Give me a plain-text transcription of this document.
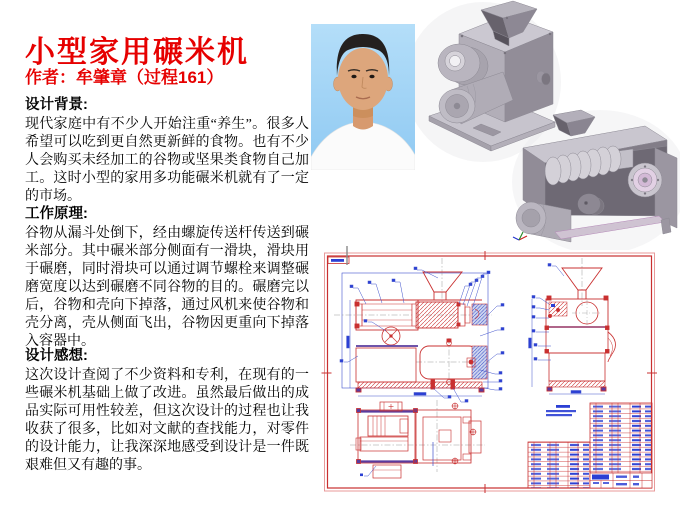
小型家用碾米机
作者：牟肇章（过程161）
设计背景:

现代家庭中有不少人开始注重“养生”。很多人希望可以吃到更自然更新鲜的食物。也有不少人会购买未经加工的谷物或坚果类食物自己加工。这时小型的家用多功能碾米机就有了一定的市场。

工作原理:

谷物从漏斗处倒下，经由螺旋传送杆传送到碾米部分。其中碾米部分侧面有一滑块，滑块用于碾磨，同时滑块可以通过调节螺栓来调整碾磨宽度以达到碾磨不同谷物的目的。碾磨完以后，谷物和壳向下掉落，通过风机来使谷物和壳分离，壳从侧面飞出，谷物因更重向下掉落入容器中。

设计感想:

这次设计查阅了不少资料和专利，在现有的一些碾米机基础上做了改进。虽然最后做出的成品实际可用性较差，但这次设计的过程也让我收获了很多，比如对文献的查找能力，对零件的设计能力，让我深深地感受到设计是一件既艰难但又有趣的事。
